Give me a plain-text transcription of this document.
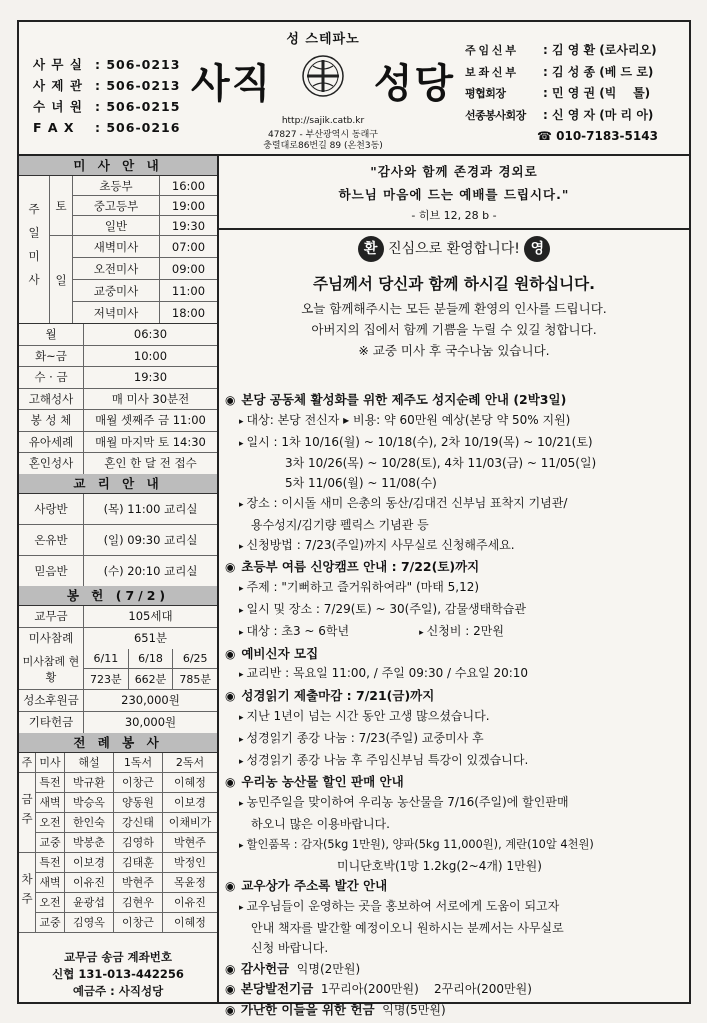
사 무 실 : 506-0213
사 제 관 : 506-0213
수 녀 원 : 506-0215
F A X : 506-0216
성 스테파노
사직	성당
http://sajik.catb.kr
47827 - 부산광역시 동래구
충렬대로86번길 89 (온천3동)
주 임 신 부 : 김 영 환 (로사리오)
보 좌 신 부 : 김 성 종 (베 드 로)
평협회장	: 민 영 권 (빅    톨)
선종봉사회장 : 신 영 자 (마 리 아)
☎ 010-7183-5143
미 사 안 내
주일미사	토
초등부	16:00
중고등부	19:00
일반	19:30
일
새벽미사	07:00
오전미사	09:00
교중미사	11:00
저녁미사	18:00
월	06:30
화~금	10:00
수 · 금	19:30
고해성사	매 미사 30분전
봉 성 체	매월 셋째주 금 11:00
유아세례	매월 마지막 토 14:30
혼인성사	혼인 한 달 전 접수
교 리 안 내
사랑반	(목) 11:00 교리실
온유반	(일) 09:30 교리실
믿음반	(수) 20:10 교리실
봉 헌 (7/2)
교무금	105세대
미사참례	651분
미사참례 현황
6/11	6/18	6/25
723분	662분	785분
성소후원금	230,000원
기타헌금	30,000원
전 례 봉 사
주 미사	해설	1독서	2독서
금주
특전	박규환	이창근	이혜정
새벽	박승옥	양동원	이보경
오전	한인숙	강신태	이채비가
교중	박봉춘	김영하	박현주
차주
특전	이보경	김태훈	박정인
새벽	이유진	박현주	목윤정
오전	윤광섭	김현우	이유진
교중	김영옥	이창근	이혜정
교무금 송금 계좌번호
신협 131-013-442256
예금주 : 사직성당
"감사와 함께 존경과 경외로
하느님 마음에 드는 예배를 드립시다."
- 히브 12, 28 b -
환 진심으로 환영합니다! 영
주님께서 당신과 함께 하시길 원하십니다.
오늘 함께해주시는 모든 분들께 환영의 인사를 드립니다.
아버지의 집에서 함께 기쁨을 누릴 수 있길 청합니다.
※ 교중 미사 후 국수나눔 있습니다.
◉ 본당 공동체 활성화를 위한 제주도 성지순례 안내 (2박3일)
▸ 대상: 본당 전신자 ▸ 비용: 약 60만원 예상(본당 약 50% 지원)
▸ 일시 : 1차 10/16(월) ~ 10/18(수), 2차 10/19(목) ~ 10/21(토)
3차 10/26(목) ~ 10/28(토), 4차 11/03(금) ~ 11/05(일)
5차 11/06(월) ~ 11/08(수)
▸ 장소 : 이시돌 새미 은총의 동산/김대건 신부님 표착지 기념관/
용수성지/김기량 펠릭스 기념관 등
▸ 신청방법 : 7/23(주일)까지 사무실로 신청해주세요.
◉ 초등부 여름 신앙캠프 안내 : 7/22(토)까지
▸ 주제 : "기뻐하고 즐거워하여라" (마태 5,12)
▸ 일시 및 장소 : 7/29(토) ~ 30(주일), 감물생태학습관
▸ 대상 : 초3 ~ 6학년	▸ 신청비 : 2만원
◉ 예비신자 모집
▸ 교리반 : 목요일 11:00, / 주일 09:30 / 수요일 20:10
◉ 성경읽기 제출마감 : 7/21(금)까지
▸ 지난 1년이 넘는 시간 동안 고생 많으셨습니다.
▸ 성경읽기 종강 나눔 : 7/23(주일) 교중미사 후
▸ 성경읽기 종강 나눔 후 주임신부님 특강이 있겠습니다.
◉ 우리농 농산물 할인 판매 안내
▸ 농민주일을 맞이하여 우리농 농산물을 7/16(주일)에 할인판매
하오니 많은 이용바랍니다.
▸ 할인품목 : 감자(5kg 1만원), 양파(5kg 11,000원), 계란(10알 4천원)
미니단호박(1망 1.2kg(2~4개) 1만원)
◉ 교우상가 주소록 발간 안내
▸ 교우님들이 운영하는 곳을 홍보하여 서로에게 도움이 되고자
안내 책자를 발간할 예정이오니 원하시는 분께서는 사무실로
신청 바랍니다.
◉ 감사헌금 익명(2만원)
◉ 본당발전기금 1꾸리아(200만원)    2꾸리아(200만원)
◉ 가난한 이들을 위한 헌금 익명(5만원)
